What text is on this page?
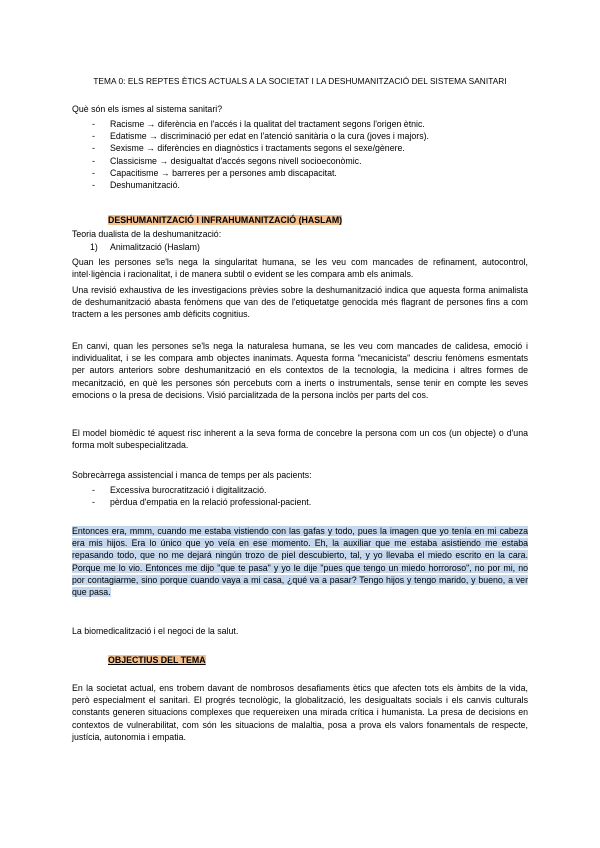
TEMA 0: ELS REPTES ÈTICS ACTUALS A LA SOCIETAT I LA DESHUMANITZACIÓ DEL SISTEMA SANITARI
Què són els ismes al sistema sanitari?
- Racisme → diferència en l'accés i la qualitat del tractament segons l'origen ètnic.
- Edatisme → discriminació per edat en l'atenció sanitària o la cura (joves i majors).
- Sexisme → diferències en diagnòstics i tractaments segons el sexe/gènere.
- Classicisme → desigualtat d'accés segons nivell socioeconòmic.
- Capacitisme → barreres per a persones amb discapacitat.
- Deshumanització.
DESHUMANITZACIÓ I INFRAHUMANITZACIÓ (HASLAM)
Teoria dualista de la deshumanització:
1) Animalització (Haslam)
Quan les persones se'ls nega la singularitat humana, se les veu com mancades de refinament, autocontrol, intel·ligència i racionalitat, i de manera subtil o evident se les compara amb els animals.
Una revisió exhaustiva de les investigacions prèvies sobre la deshumanització indica que aquesta forma animalista de deshumanització abasta fenòmens que van des de l'etiquetatge genocida més flagrant de persones fins a com tractem a les persones amb dèficits cognitius.
En canvi, quan les persones se'ls nega la naturalesa humana, se les veu com mancades de calidesa, emoció i individualitat, i se les compara amb objectes inanimats. Aquesta forma "mecanicista" descriu fenòmens esmentats per autors anteriors sobre deshumanització en els contextos de la tecnologia, la medicina i altres formes de mecanització, en què les persones són percebuts com a inerts o instrumentals, sense tenir en compte les seves emocions o la presa de decisions. Visió parcialitzada de la persona inclòs per parts del cos.
El model biomèdic té aquest risc inherent a la seva forma de concebre la persona com un cos (un objecte) o d'una forma molt subespecialitzada.
Sobrecàrrega assistencial i manca de temps per als pacients:
- Excessiva burocratització i digitalització.
- pèrdua d'empatia en la relació professional-pacient.
Entonces era, mmm, cuando me estaba vistiendo con las gafas y todo, pues la imagen que yo tenía en mi cabeza era mis hijos. Era lo único que yo veía en ese momento. Eh, la auxiliar que me estaba asistiendo me estaba repasando todo, que no me dejará ningún trozo de piel descubierto, tal, y yo llevaba el miedo escrito en la cara. Porque me lo vio. Entonces me dijo "que te pasa" y yo le dije "pues que tengo un miedo horroroso", no por mi, no por contagiarme, sino porque cuando vaya a mi casa, ¿qué va a pasar? Tengo hijos y tengo marido, y bueno, a ver que pasa.
La biomedicalització i el negoci de la salut.
OBJECTIUS DEL TEMA
En la societat actual, ens trobem davant de nombrosos desafiaments ètics que afecten tots els àmbits de la vida, però especialment el sanitari. El progrés tecnològic, la globalització, les desigualtats socials i els canvis culturals constants generen situacions complexes que requereixen una mirada crítica i humanista. La presa de decisions en contextos de vulnerabilitat, com són les situacions de malaltia, posa a prova els valors fonamentals de respecte, justícia, autonomia i empatia.
